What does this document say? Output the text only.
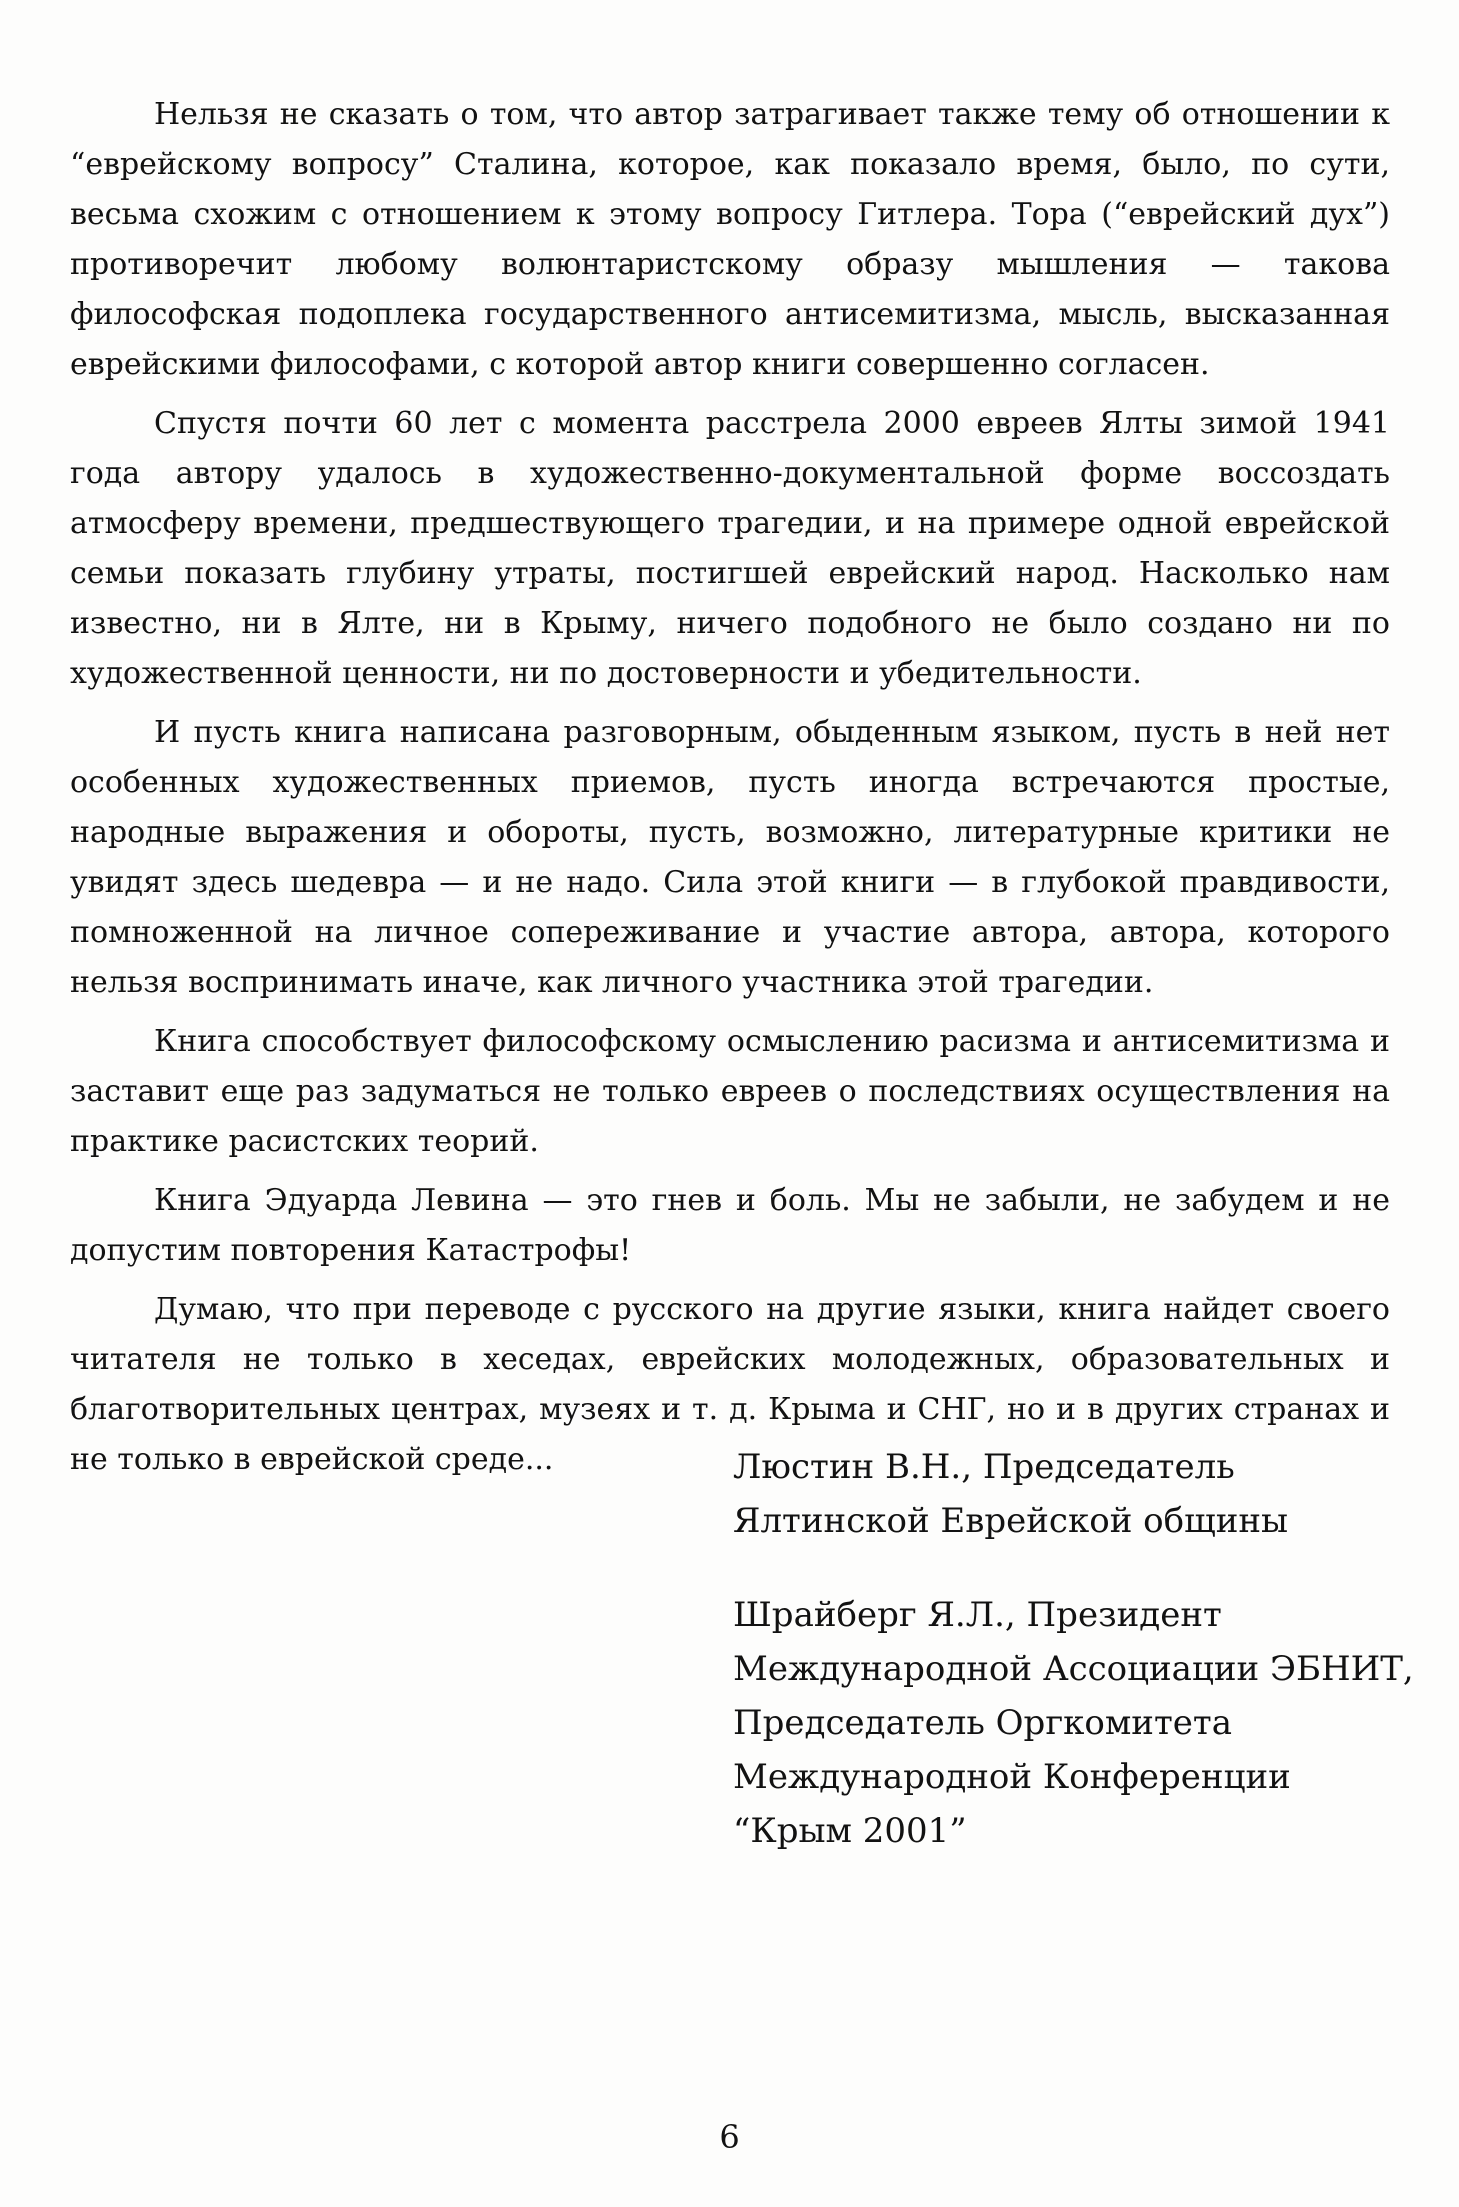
Нельзя не сказать о том, что автор затрагивает также тему об отношении к “еврейскому вопросу” Сталина, которое, как показало время, было, по сути, весьма схожим с отношением к этому вопросу Гитлера. Тора (“еврейский дух”) противоречит любому волюнтаристскому образу мышления — такова философская подоплека государственного антисемитизма, мысль, высказанная еврейскими философами, с которой автор книги совершенно согласен.

Спустя почти 60 лет с момента расстрела 2000 евреев Ялты зимой 1941 года автору удалось в художественно-документальной форме воссоздать атмосферу времени, предшествующего трагедии, и на примере одной еврейской семьи показать глубину утраты, постигшей еврейский народ. Насколько нам известно, ни в Ялте, ни в Крыму, ничего подобного не было создано ни по художественной ценности, ни по достоверности и убедительности.

И пусть книга написана разговорным, обыденным языком, пусть в ней нет особенных художественных приемов, пусть иногда встречаются простые, народные выражения и обороты, пусть, возможно, литературные критики не увидят здесь шедевра — и не надо. Сила этой книги — в глубокой правдивости, помноженной на личное сопереживание и участие автора, автора, которого нельзя воспринимать иначе, как личного участника этой трагедии.

Книга способствует философскому осмыслению расизма и антисемитизма и заставит еще раз задуматься не только евреев о последствиях осуществления на практике расистских теорий.

Книга Эдуарда Левина — это гнев и боль. Мы не забыли, не забудем и не допустим повторения Катастрофы!

Думаю, что при переводе с русского на другие языки, книга найдет своего читателя не только в хеседах, еврейских молодежных, образовательных и благотворительных центрах, музеях и т. д. Крыма и СНГ, но и в других странах и не только в еврейской среде...	Люстин В.Н., Председатель
Ялтинской Еврейской общины
Шрайберг Я.Л., Президент
Международной Ассоциации ЭБНИТ,
Председатель Оргкомитета
Международной Конференции
“Крым 2001”
6
